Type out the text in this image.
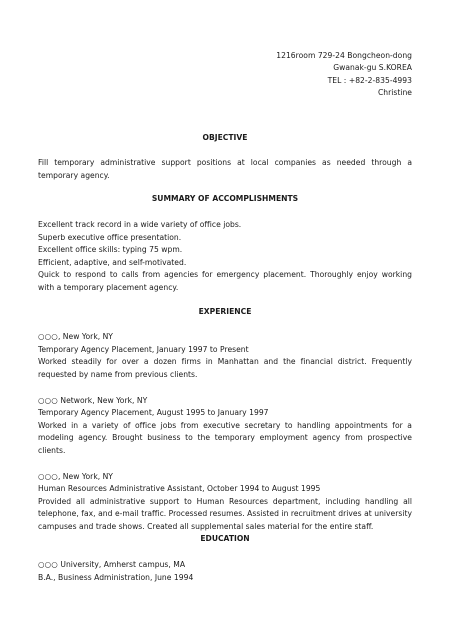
1216room 729-24 Bongcheon-dong

Gwanak-gu S.KOREA

TEL : +82-2-835-4993

Christine

OBJECTIVE

Fill temporary administrative support positions at local companies as needed through a temporary agency.

SUMMARY OF ACCOMPLISHMENTS

Excellent track record in a wide variety of office jobs.

Superb executive office presentation.

Excellent office skills: typing 75 wpm.

Efficient, adaptive, and self-motivated.

Quick to respond to calls from agencies for emergency placement. Thoroughly enjoy working with a temporary placement agency.

EXPERIENCE

○○○, New York, NY

Temporary Agency Placement, January 1997 to Present

Worked steadily for over a dozen firms in Manhattan and the financial district. Frequently requested by name from previous clients.

○○○ Network, New York, NY

Temporary Agency Placement, August 1995 to January 1997

Worked in a variety of office jobs from executive secretary to handling appointments for a modeling agency. Brought business to the temporary employment agency from prospective clients.

○○○, New York, NY

Human Resources Administrative Assistant, October 1994 to August 1995

Provided all administrative support to Human Resources department, including handling all telephone, fax, and e-mail traffic. Processed resumes. Assisted in recruitment drives at university campuses and trade shows. Created all supplemental sales material for the entire staff.

EDUCATION

○○○ University, Amherst campus, MA

B.A., Business Administration, June 1994
